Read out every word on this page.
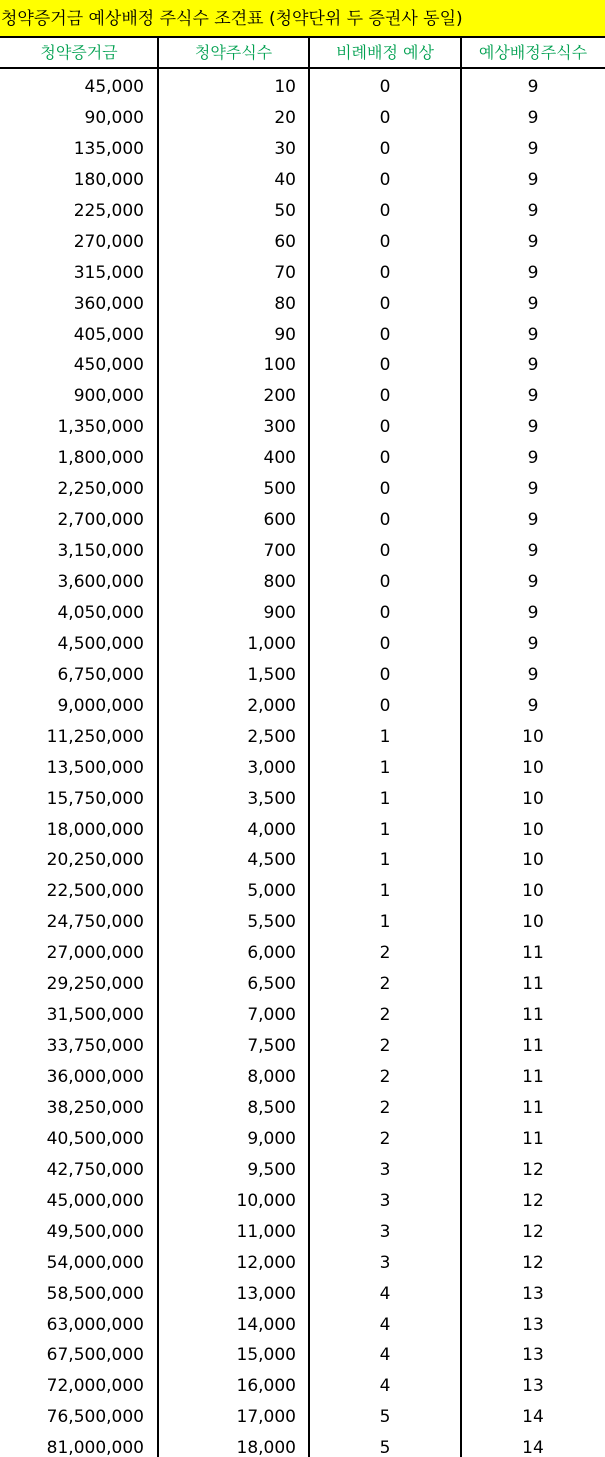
청약증거금 예상배정 주식수 조견표 (청약단위 두 증권사 동일)
청약증거금	청약주식수	비례배정 예상	예상배정주식수
45,000	10	0	9
90,000	20	0	9
135,000	30	0	9
180,000	40	0	9
225,000	50	0	9
270,000	60	0	9
315,000	70	0	9
360,000	80	0	9
405,000	90	0	9
450,000	100	0	9
900,000	200	0	9
1,350,000	300	0	9
1,800,000	400	0	9
2,250,000	500	0	9
2,700,000	600	0	9
3,150,000	700	0	9
3,600,000	800	0	9
4,050,000	900	0	9
4,500,000	1,000	0	9
6,750,000	1,500	0	9
9,000,000	2,000	0	9
11,250,000	2,500	1	10
13,500,000	3,000	1	10
15,750,000	3,500	1	10
18,000,000	4,000	1	10
20,250,000	4,500	1	10
22,500,000	5,000	1	10
24,750,000	5,500	1	10
27,000,000	6,000	2	11
29,250,000	6,500	2	11
31,500,000	7,000	2	11
33,750,000	7,500	2	11
36,000,000	8,000	2	11
38,250,000	8,500	2	11
40,500,000	9,000	2	11
42,750,000	9,500	3	12
45,000,000	10,000	3	12
49,500,000	11,000	3	12
54,000,000	12,000	3	12
58,500,000	13,000	4	13
63,000,000	14,000	4	13
67,500,000	15,000	4	13
72,000,000	16,000	4	13
76,500,000	17,000	5	14
81,000,000	18,000	5	14
